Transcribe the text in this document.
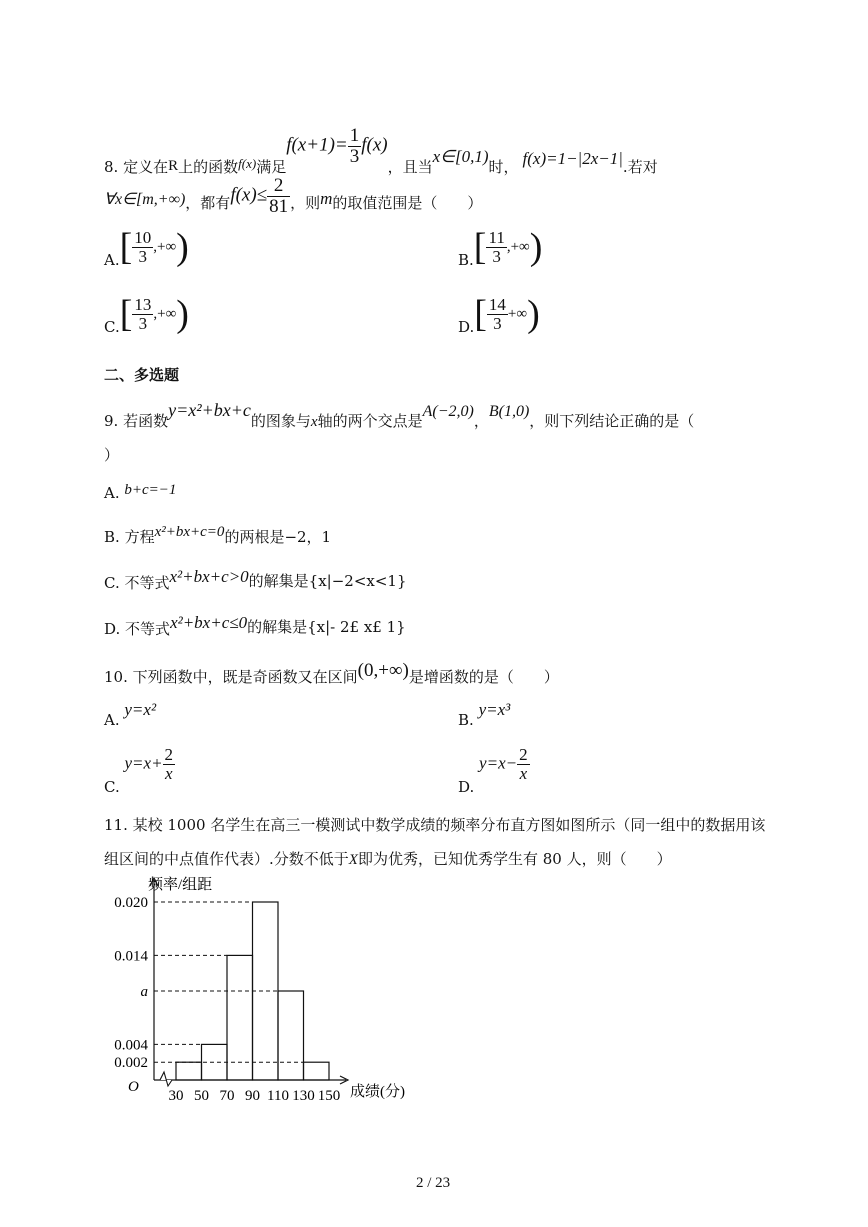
8. 定义在R上的函数f(x)满足$f(x+1)= \frac{1}{3} f(x)$，且当x∈[0,1)时， f(x)=1−|2x−1|.若对
∀x∈[m,+∞)，都有$f(x)\le \frac{2}{81}$ ，则m的取值范围是（　　）
$A.[ \frac{10}{3}$ ,+∞)	$B.[ \frac{11}{3}$ ,+∞)
$C.[ \frac{13}{3}$ ,+∞)	$D.[ \frac{14}{3}$ +∞)
二、多选题
9. 若函数y=x²+bx+c的图象与x轴的两个交点是A(−2,0)，B(1,0)，则下列结论正确的是（
）
A. b+c=−1
B. 方程x²+bx+c=0的两根是−2，1
C. 不等式x²+bx+c>0的解集是{x|−2<x<1}
D. 不等式x²+bx+c≤0的解集是{x|- 2£ x£ 1}
10. 下列函数中，既是奇函数又在区间(0,+∞)是增函数的是（　　）
A. y=x²
B. y=x³
C. $y=x+ \frac{2}{x}$
D. $y=x- \frac{2}{x}$
11. 某校 1000 名学生在高三一模测试中数学成绩的频率分布直方图如图所示（同一组中的数据用该
组区间的中点值作代表）.分数不低于X即为优秀，已知优秀学生有 80 人，则（　　）
频率/组距
成绩(分)
O
0.020
0.014
a
0.004
0.002
30 50 70 90 110 130 150
2 / 23
